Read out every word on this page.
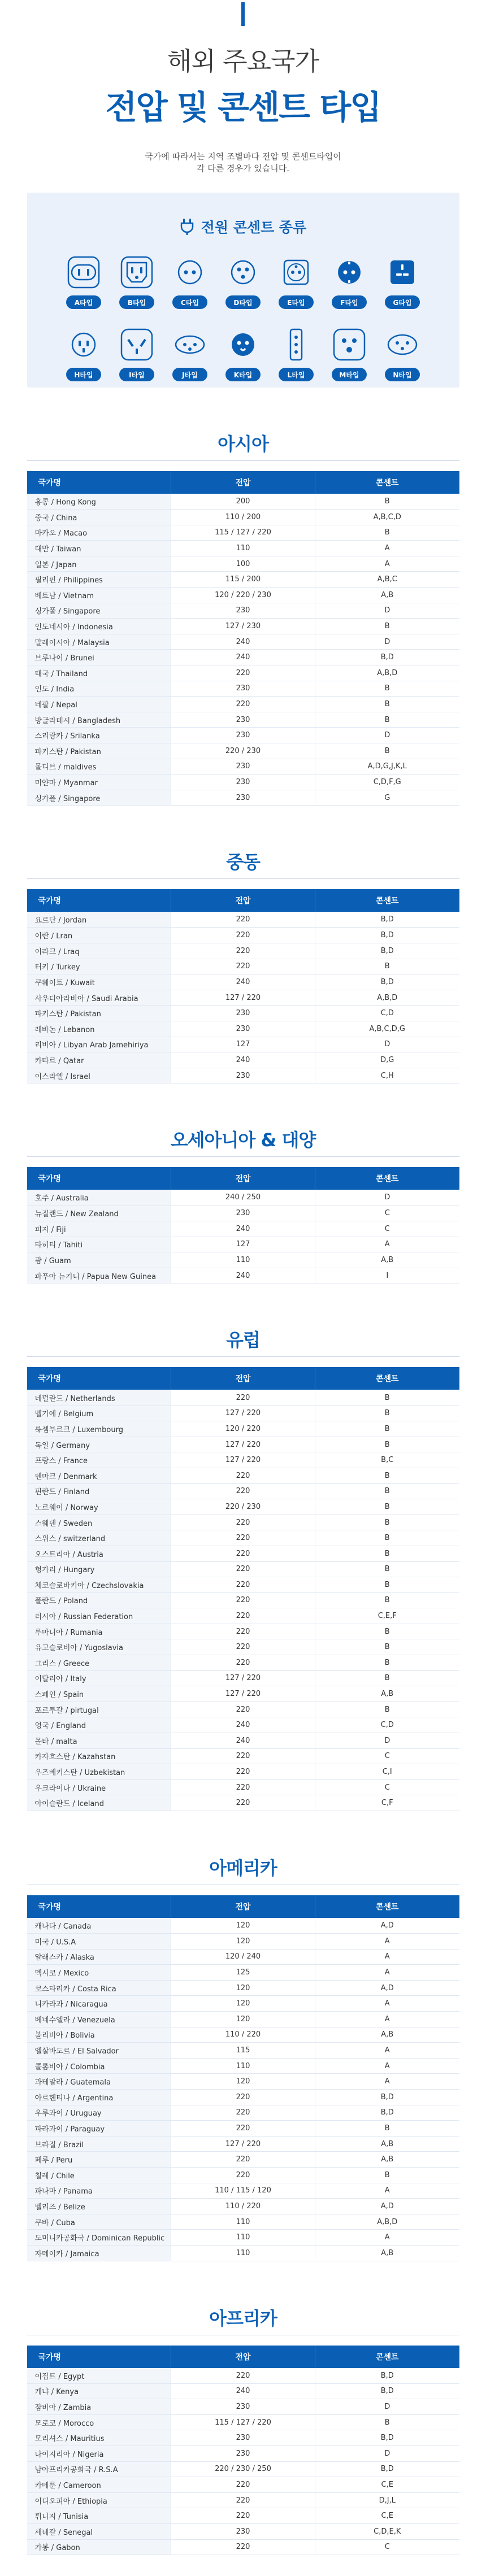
해외 주요국가
전압 및 콘센트 타입
국가에 따라서는 지역 조별마다 전압 및 콘센트타입이
각 다른 경우가 있습니다.
전원 콘센트 종류
A타입	B타입	C타입	D타입	E타입	F타입	G타입
H타입	I타입	J타입	K타입	L타입	M타입	N타입
아시아
국가명	전압	콘센트
홍콩 / Hong Kong	200	B
중국 / China	110 / 200	A,B,C,D
마카오 / Macao	115 / 127 / 220	B
대만 / Taiwan	110	A
일본 / Japan	100	A
필리핀 / Philippines	115 / 200	A,B,C
베트남 / Vietnam	120 / 220 / 230	A,B
싱가폴 / Singapore	230	D
인도네시아 / Indonesia	127 / 230	B
말레이시아 / Malaysia	240	D
브루나이 / Brunei	240	B,D
태국 / Thailand	220	A,B,D
인도 / India	230	B
네팔 / Nepal	220	B
방글라데시 / Bangladesh	230	B
스리랑카 / Srilanka	230	D
파키스탄 / Pakistan	220 / 230	B
몰디브 / maldives	230	A,D,G,J,K,L
미얀마 / Myanmar	230	C,D,F,G
싱가폴 / Singapore	230	G
중동
국가명	전압	콘센트
요르단 / Jordan	220	B,D
이란 / Lran	220	B,D
이라크 / Lraq	220	B,D
터키 / Turkey	220	B
쿠웨이트 / Kuwait	240	B,D
사우디아라비아 / Saudi Arabia	127 / 220	A,B,D
파키스탄 / Pakistan	230	C,D
레바논 / Lebanon	230	A,B,C,D,G
리비아 / Libyan Arab Jamehiriya	127	D
카타르 / Qatar	240	D,G
이스라엘 / Israel	230	C,H
오세아니아 & 대양
국가명	전압	콘센트
호주 / Australia	240 / 250	D
뉴질랜드 / New Zealand	230	C
피지 / Fiji	240	C
타히티 / Tahiti	127	A
괌 / Guam	110	A,B
파푸아 뉴기니 / Papua New Guinea	240	I
유럽
국가명	전압	콘센트
네덜란드 / Netherlands	220	B
벨기에 / Belgium	127 / 220	B
룩셈부르크 / Luxembourg	120 / 220	B
독일 / Germany	127 / 220	B
프랑스 / France	127 / 220	B,C
덴마크 / Denmark	220	B
핀란드 / Finland	220	B
노르웨이 / Norway	220 / 230	B
스웨덴 / Sweden	220	B
스위스 / switzerland	220	B
오스트리아 / Austria	220	B
헝가리 / Hungary	220	B
체코슬로바키아 / Czechslovakia	220	B
폴란드 / Poland	220	B
러시아 / Russian Federation	220	C,E,F
루마니아 / Rumania	220	B
유고슬로비아 / Yugoslavia	220	B
그리스 / Greece	220	B
이탈리아 / Italy	127 / 220	B
스페인 / Spain	127 / 220	A,B
포르투갈 / pirtugal	220	B
영국 / England	240	C,D
몰타 / malta	240	D
카자흐스탄 / Kazahstan	220	C
우즈베키스탄 / Uzbekistan	220	C,I
우크라이나 / Ukraine	220	C
아이슬란드 / Iceland	220	C,F
아메리카
국가명	전압	콘센트
캐나다 / Canada	120	A,D
미국 / U.S.A	120	A
알래스카 / Alaska	120 / 240	A
멕시코 / Mexico	125	A
코스타리카 / Costa Rica	120	A,D
니카라과 / Nicaragua	120	A
베네수엘라 / Venezuela	120	A
볼리비아 / Bolivia	110 / 220	A,B
엘살바도르 / El Salvador	115	A
콜롬비아 / Colombia	110	A
과테말라 / Guatemala	120	A
아르헨티나 / Argentina	220	B,D
우루과이 / Uruguay	220	B,D
파라과이 / Paraguay	220	B
브라질 / Brazil	127 / 220	A,B
페루 / Peru	220	A,B
칠레 / Chile	220	B
파나마 / Panama	110 / 115 / 120	A
벨리즈 / Belize	110 / 220	A,D
쿠바 / Cuba	110	A,B,D
도미니카공화국 / Dominican Republic	110	A
자메이카 / Jamaica	110	A,B
아프리카
국가명	전압	콘센트
이집트 / Egypt	220	B,D
케냐 / Kenya	240	B,D
잠비아 / Zambia	230	D
모로코 / Morocco	115 / 127 / 220	B
모리셔스 / Mauritius	230	B,D
나이지리아 / Nigeria	230	D
남아프리카공화국 / R.S.A	220 / 230 / 250	B,D
카메룬 / Cameroon	220	C,E
이디오피아 / Ethiopia	220	D,J,L
튀니지 / Tunisia	220	C,E
세네갈 / Senegal	230	C,D,E,K
가봉 / Gabon	220	C
